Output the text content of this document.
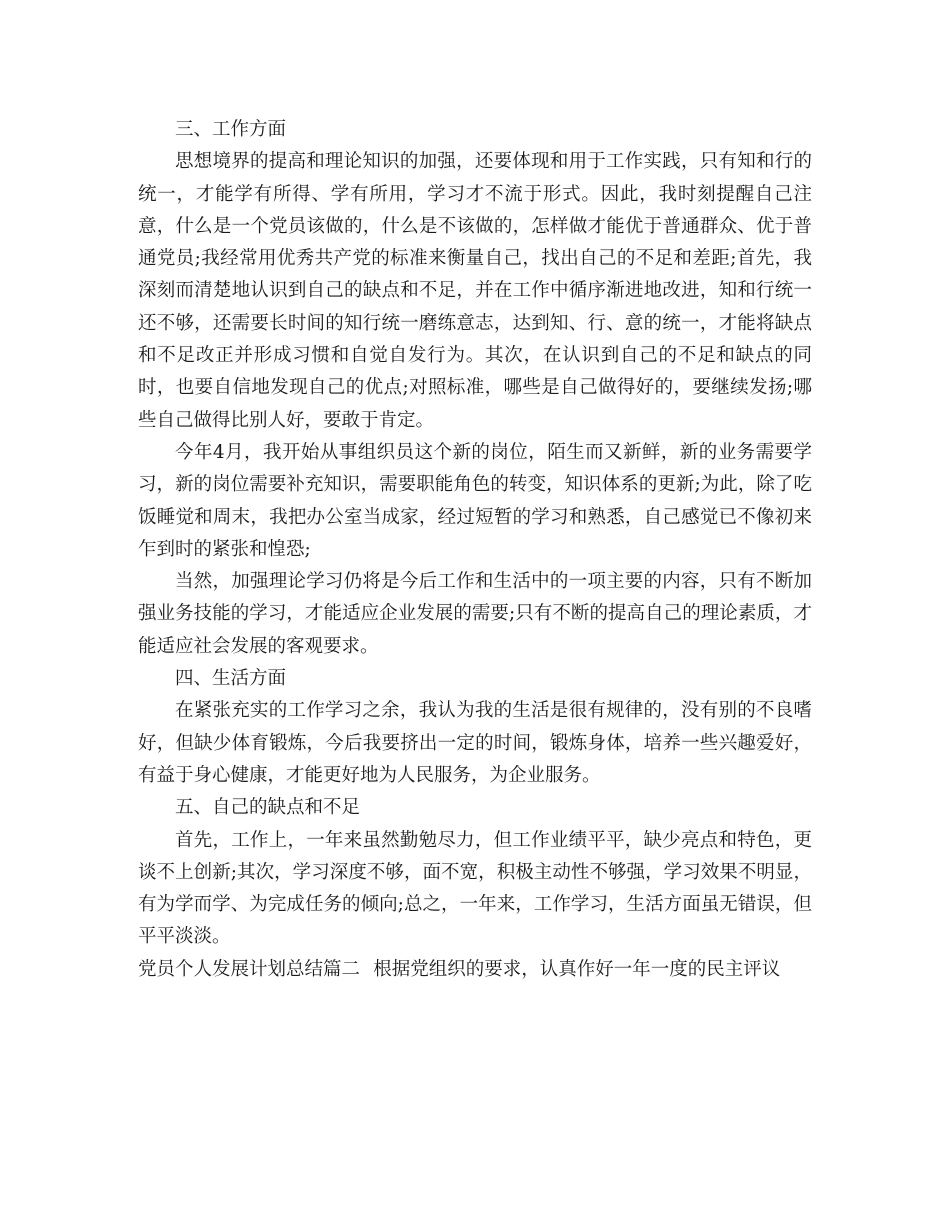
三、工作方面

思想境界的提高和理论知识的加强，还要体现和用于工作实践，只有知和行的统一，才能学有所得、学有所用，学习才不流于形式。因此，我时刻提醒自己注意，什么是一个党员该做的，什么是不该做的，怎样做才能优于普通群众、优于普通党员;我经常用优秀共产党的标准来衡量自己，找出自己的不足和差距;首先，我深刻而清楚地认识到自己的缺点和不足，并在工作中循序渐进地改进，知和行统一还不够，还需要长时间的知行统一磨练意志，达到知、行、意的统一，才能将缺点和不足改正并形成习惯和自觉自发行为。其次，在认识到自己的不足和缺点的同时，也要自信地发现自己的优点;对照标准，哪些是自己做得好的，要继续发扬;哪些自己做得比别人好，要敢于肯定。

今年4月，我开始从事组织员这个新的岗位，陌生而又新鲜，新的业务需要学习，新的岗位需要补充知识，需要职能角色的转变，知识体系的更新;为此，除了吃饭睡觉和周末，我把办公室当成家，经过短暂的学习和熟悉，自己感觉已不像初来乍到时的紧张和惶恐;

当然，加强理论学习仍将是今后工作和生活中的一项主要的内容，只有不断加强业务技能的学习，才能适应企业发展的需要;只有不断的提高自己的理论素质，才能适应社会发展的客观要求。

四、生活方面

在紧张充实的工作学习之余，我认为我的生活是很有规律的，没有别的不良嗜好，但缺少体育锻炼，今后我要挤出一定的时间，锻炼身体，培养一些兴趣爱好，有益于身心健康，才能更好地为人民服务，为企业服务。

五、自己的缺点和不足

首先，工作上，一年来虽然勤勉尽力，但工作业绩平平，缺少亮点和特色，更谈不上创新;其次，学习深度不够，面不宽，积极主动性不够强，学习效果不明显，有为学而学、为完成任务的倾向;总之，一年来，工作学习，生活方面虽无错误，但平平淡淡。

党员个人发展计划总结篇二	根据党组织的要求，认真作好一年一度的民主评议
